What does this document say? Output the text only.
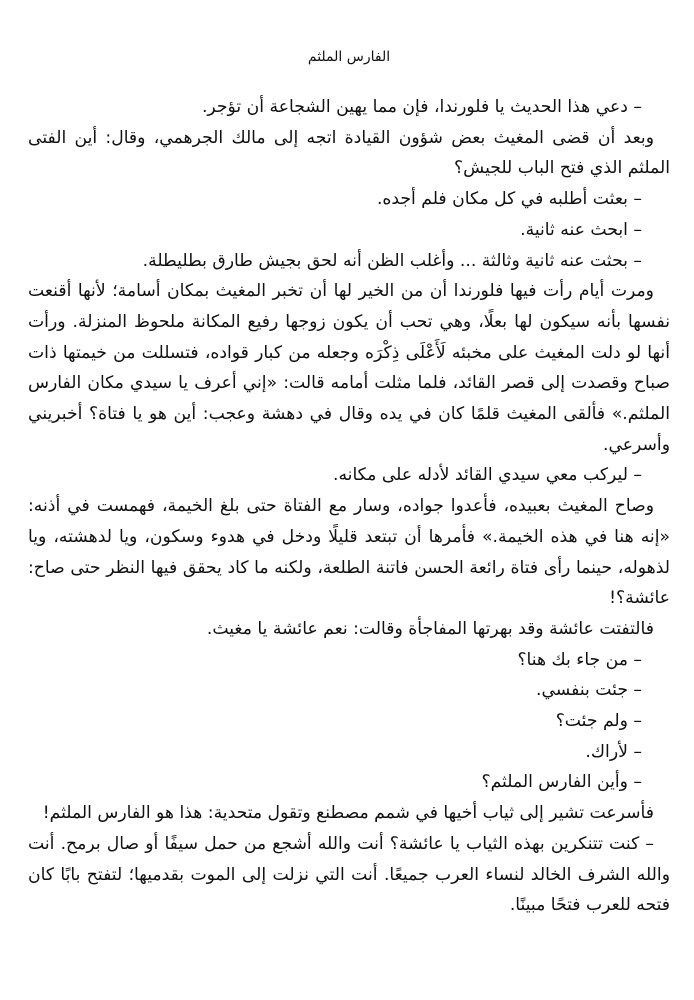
الفارس الملثم

– دعي هذا الحديث يا فلورندا، فإن مما يهين الشجاعة أن تؤجر.

وبعد أن قضى المغيث بعض شؤون القيادة اتجه إلى مالك الجرهمي، وقال: أين الفتى الملثم الذي فتح الباب للجيش؟

– بعثت أطلبه في كل مكان فلم أجده.

– ابحث عنه ثانية.

– بحثت عنه ثانية وثالثة ... وأغلب الظن أنه لحق بجيش طارق بطليطلة.

ومرت أيام رأت فيها فلورندا أن من الخير لها أن تخبر المغيث بمكان أسامة؛ لأنها أقنعت نفسها بأنه سيكون لها بعلًا، وهي تحب أن يكون زوجها رفيع المكانة ملحوظ المنزلة. ورأت أنها لو دلت المغيث على مخبئه لَأَعْلَى ذِكْرَه وجعله من كبار قواده، فتسللت من خيمتها ذات صباح وقصدت إلى قصر القائد، فلما مثلت أمامه قالت: «إني أعرف يا سيدي مكان الفارس الملثم.» فألقى المغيث قلمًا كان في يده وقال في دهشة وعجب: أين هو يا فتاة؟ أخبريني وأسرعي.

– ليركب معي سيدي القائد لأدله على مكانه.

وصاح المغيث بعبيده، فأعدوا جواده، وسار مع الفتاة حتى بلغ الخيمة، فهمست في أذنه: «إنه هنا في هذه الخيمة.» فأمرها أن تبتعد قليلًا ودخل في هدوء وسكون، ويا لدهشته، ويا لذهوله، حينما رأى فتاة رائعة الحسن فاتنة الطلعة، ولكنه ما كاد يحقق فيها النظر حتى صاح: عائشة؟!

فالتفتت عائشة وقد بهرتها المفاجأة وقالت: نعم عائشة يا مغيث.

– من جاء بك هنا؟

– جئت بنفسي.

– ولم جئت؟

– لأراك.

– وأين الفارس الملثم؟

فأسرعت تشير إلى ثياب أخيها في شمم مصطنع وتقول متحدية: هذا هو الفارس الملثم!

– كنت تتنكرين بهذه الثياب يا عائشة؟ أنت والله أشجع من حمل سيفًا أو صال برمح. أنت والله الشرف الخالد لنساء العرب جميعًا. أنت التي نزلت إلى الموت بقدميها؛ لتفتح بابًا كان فتحه للعرب فتحًا مبينًا.
